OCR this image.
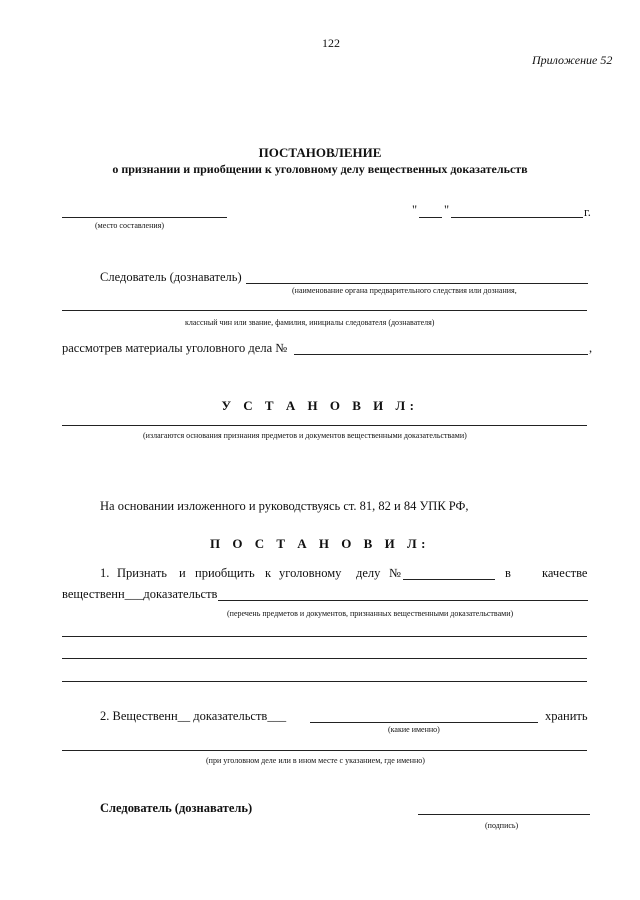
122
Приложение 52
ПОСТАНОВЛЕНИЕ
о признании и приобщении к уголовному делу вещественных доказательств
(место составления)
" "	г.
Следователь (дознаватель)
(наименование органа предварительного следствия или дознания,
классный чин или звание, фамилия, инициалы следователя (дознавателя)
рассмотрев материалы уголовного дела №	,
У С Т А Н О В И Л:
(излагаются основания признания предметов и документов вещественными доказательствами)
На основании изложенного и руководствуясь ст. 81, 82 и 84 УПК РФ,
П О С Т А Н О В И Л:
1. Признать и приобщить к уголовному делу №	в качестве
вещественн___доказательств
(перечень предметов и документов, признанных вещественными доказательствами)
2. Вещественн__ доказательств___	хранить
(какие именно)
(при уголовном деле или в ином месте с указанием, где именно)
Следователь (дознаватель)
(подпись)
